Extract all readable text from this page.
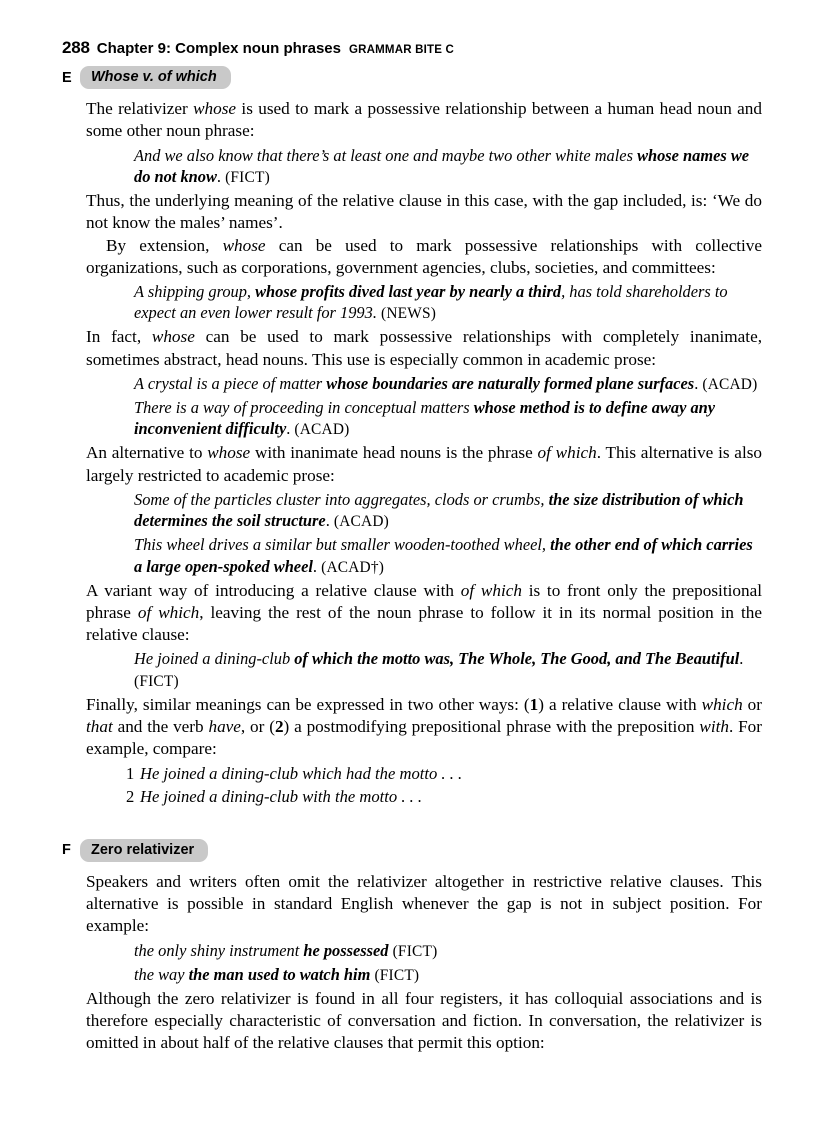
288 Chapter 9: Complex noun phrases GRAMMAR BITE C
E	Whose v. of which

The relativizer whose is used to mark a possessive relationship between a human head noun and some other noun phrase:

And we also know that there’s at least one and maybe two other white males whose names we do not know. (FICT)

Thus, the underlying meaning of the relative clause in this case, with the gap included, is: ‘We do not know the males’ names’.

By extension, whose can be used to mark possessive relationships with collective organizations, such as corporations, government agencies, clubs, societies, and committees:

A shipping group, whose profits dived last year by nearly a third, has told shareholders to expect an even lower result for 1993. (NEWS)

In fact, whose can be used to mark possessive relationships with completely inanimate, sometimes abstract, head nouns. This use is especially common in academic prose:

A crystal is a piece of matter whose boundaries are naturally formed plane surfaces. (ACAD)
There is a way of proceeding in conceptual matters whose method is to define away any inconvenient difficulty. (ACAD)

An alternative to whose with inanimate head nouns is the phrase of which. This alternative is also largely restricted to academic prose:

Some of the particles cluster into aggregates, clods or crumbs, the size distribution of which determines the soil structure. (ACAD)
This wheel drives a similar but smaller wooden-toothed wheel, the other end of which carries a large open-spoked wheel. (ACAD†)

A variant way of introducing a relative clause with of which is to front only the prepositional phrase of which, leaving the rest of the noun phrase to follow it in its normal position in the relative clause:

He joined a dining-club of which the motto was, The Whole, The Good, and The Beautiful. (FICT)

Finally, similar meanings can be expressed in two other ways: (1) a relative clause with which or that and the verb have, or (2) a postmodifying prepositional phrase with the preposition with. For example, compare:

1 He joined a dining-club which had the motto . . .
2 He joined a dining-club with the motto . . .
F	Zero relativizer

Speakers and writers often omit the relativizer altogether in restrictive relative clauses. This alternative is possible in standard English whenever the gap is not in subject position. For example:

the only shiny instrument he possessed (FICT)
the way the man used to watch him (FICT)

Although the zero relativizer is found in all four registers, it has colloquial associations and is therefore especially characteristic of conversation and fiction. In conversation, the relativizer is omitted in about half of the relative clauses that permit this option:
